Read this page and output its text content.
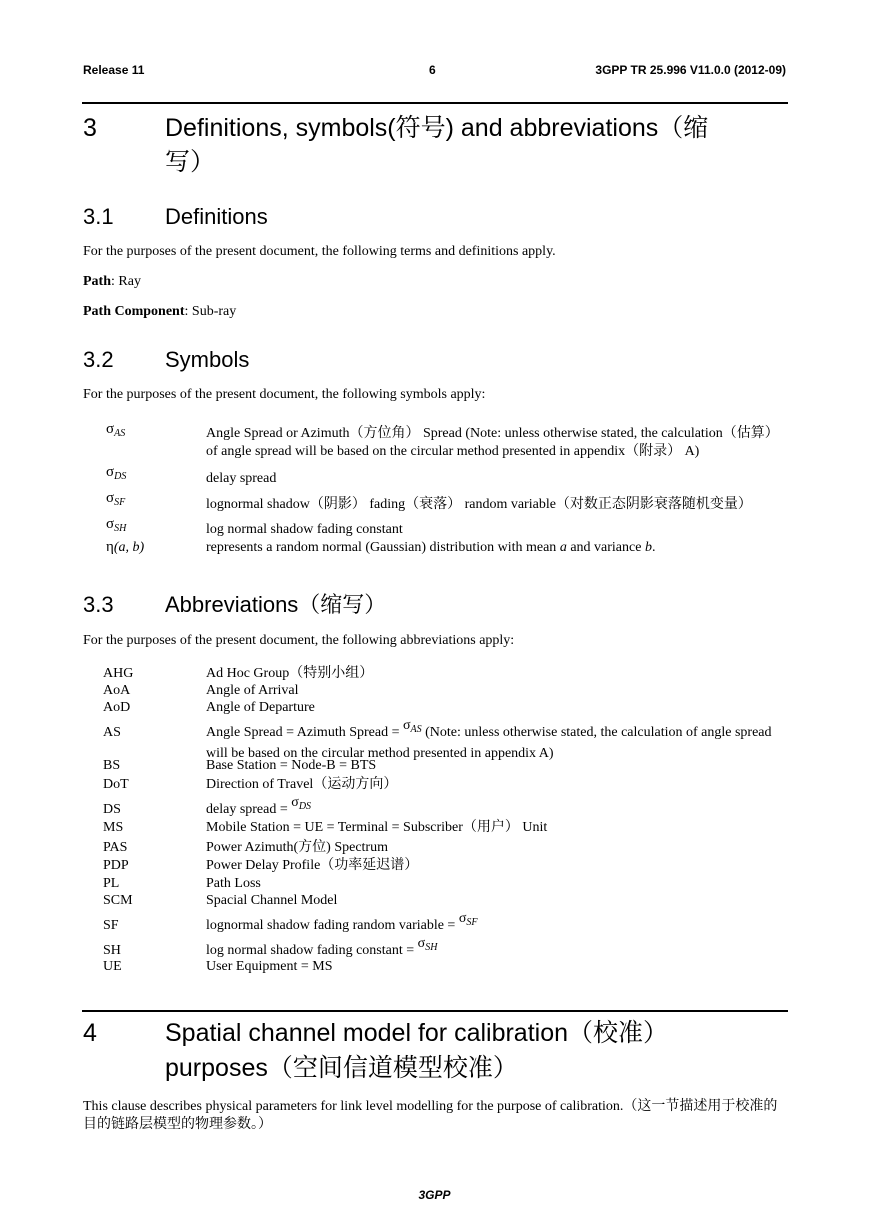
Release 11	6	3GPP TR 25.996 V11.0.0 (2012-09)
3	Definitions, symbols(符号) and abbreviations（缩
写）
3.1 Definitions
For the purposes of the present document, the following terms and definitions apply.
Path: Ray
Path Component: Sub-ray
3.2 Symbols
For the purposes of the present document, the following symbols apply:
$\sigma_{AS}$	Angle Spread or Azimuth（方位角） Spread (Note: unless otherwise stated, the calculation（估算） of angle spread will be based on the circular method presented in appendix（附录） A)
$\sigma_{DS}$	delay spread
$\sigma_{SF}$	lognormal shadow（阴影） fading（衰落） random variable（对数正态阴影衰落随机变量）
$\sigma_{SH}$	log normal shadow fading constant
η(a, b)	represents a random normal (Gaussian) distribution with mean a and variance b.
3.3 Abbreviations（缩写）
For the purposes of the present document, the following abbreviations apply:
AHG	Ad Hoc Group（特别小组）
AoA	Angle of Arrival
AoD	Angle of Departure
AS	Angle Spread = Azimuth Spread = $\sigma_{AS}$ (Note: unless otherwise stated, the calculation of angle spread will be based on the circular method presented in appendix A)
BS	Base Station = Node-B = BTS
DoT	Direction of Travel（运动方向）
DS	delay spread = $\sigma_{DS}$
MS	Mobile Station = UE = Terminal = Subscriber（用户） Unit
PAS	Power Azimuth(方位) Spectrum
PDP	Power Delay Profile（功率延迟谱）
PL	Path Loss
SCM	Spacial Channel Model
SF	lognormal shadow fading random variable = $\sigma_{SF}$
SH	log normal shadow fading constant = $\sigma_{SH}$
UE	User Equipment = MS
4	Spatial channel model for calibration（校准）
purposes（空间信道模型校准）
This clause describes physical parameters for link level modelling for the purpose of calibration.（这一节描述用于校准的目的链路层模型的物理参数。）
3GPP
